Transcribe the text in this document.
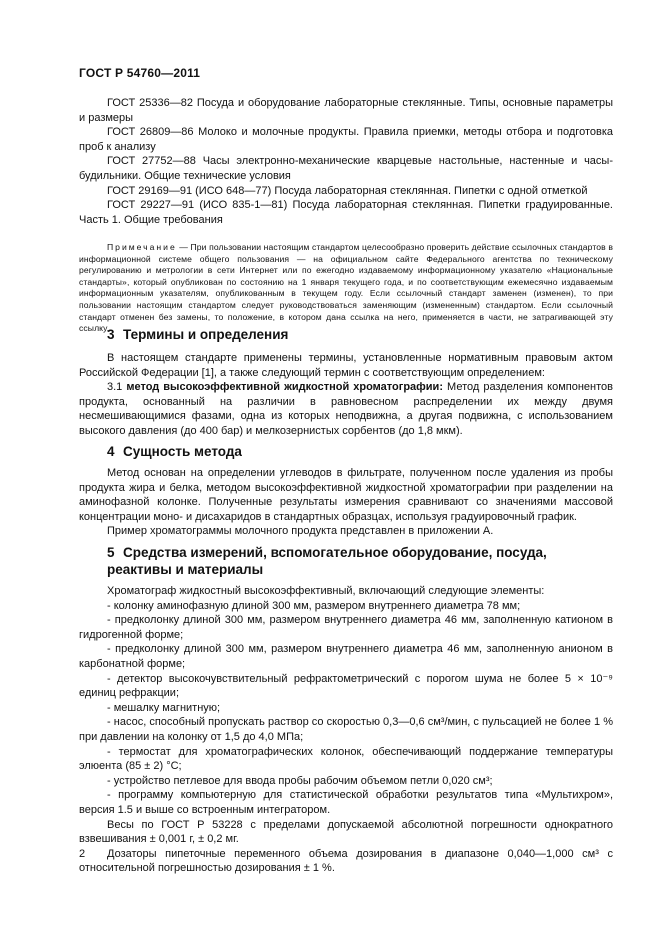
ГОСТ Р 54760—2011

ГОСТ 25336—82 Посуда и оборудование лабораторные стеклянные. Типы, основные параметры и размеры

ГОСТ 26809—86 Молоко и молочные продукты. Правила приемки, методы отбора и подготовка проб к анализу

ГОСТ 27752—88 Часы электронно-механические кварцевые настольные, настенные и часы-будильники. Общие технические условия

ГОСТ 29169—91 (ИСО 648—77) Посуда лабораторная стеклянная. Пипетки с одной отметкой

ГОСТ 29227—91 (ИСО 835-1—81) Посуда лабораторная стеклянная. Пипетки градуированные. Часть 1. Общие требования

Примечание — При пользовании настоящим стандартом целесообразно проверить действие ссылочных стандартов в информационной системе общего пользования — на официальном сайте Федерального агентства по техническому регулированию и метрологии в сети Интернет или по ежегодно издаваемому информационному указателю «Национальные стандарты», который опубликован по состоянию на 1 января текущего года, и по соответствующим ежемесячно издаваемым информационным указателям, опубликованным в текущем году. Если ссылочный стандарт заменен (изменен), то при пользовании настоящим стандартом следует руководствоваться заменяющим (измененным) стандартом. Если ссылочный стандарт отменен без замены, то положение, в котором дана ссылка на него, применяется в части, не затрагивающей эту ссылку.

3 Термины и определения

В настоящем стандарте применены термины, установленные нормативным правовым актом Российской Федерации [1], а также следующий термин с соответствующим определением:

3.1 метод высокоэффективной жидкостной хроматографии: Метод разделения компонентов продукта, основанный на различии в равновесном распределении их между двумя несмешивающимися фазами, одна из которых неподвижна, а другая подвижна, с использованием высокого давления (до 400 бар) и мелкозернистых сорбентов (до 1,8 мкм).

4 Сущность метода

Метод основан на определении углеводов в фильтрате, полученном после удаления из пробы продукта жира и белка, методом высокоэффективной жидкостной хроматографии при разделении на аминофазной колонке. Полученные результаты измерения сравнивают со значениями массовой концентрации моно- и дисахаридов в стандартных образцах, используя градуировочный график.

Пример хроматограммы молочного продукта представлен в приложении А.

5 Средства измерений, вспомогательное оборудование, посуда, реактивы и материалы

Хроматограф жидкостный высокоэффективный, включающий следующие элементы:

- колонку аминофазную длиной 300 мм, размером внутреннего диаметра 78 мм;

- предколонку длиной 300 мм, размером внутреннего диаметра 46 мм, заполненную катионом в гидрогенной форме;

- предколонку длиной 300 мм, размером внутреннего диаметра 46 мм, заполненную анионом в карбонатной форме;

- детектор высокочувствительный рефрактометрический с порогом шума не более 5 × 10⁻⁹ единиц рефракции;

- мешалку магнитную;

- насос, способный пропускать раствор со скоростью 0,3—0,6 см³/мин, с пульсацией не более 1 % при давлении на колонку от 1,5 до 4,0 МПа;

- термостат для хроматографических колонок, обеспечивающий поддержание температуры элюента (85 ± 2) °С;

- устройство петлевое для ввода пробы рабочим объемом петли 0,020 см³;

- программу компьютерную для статистической обработки результатов типа «Мультихром», версия 1.5 и выше со встроенным интегратором.

Весы по ГОСТ Р 53228 с пределами допускаемой абсолютной погрешности однократного взвешивания ± 0,001 г, ± 0,2 мг.

Дозаторы пипеточные переменного объема дозирования в диапазоне 0,040—1,000 см³ с относительной погрешностью дозирования ± 1 %.

2
